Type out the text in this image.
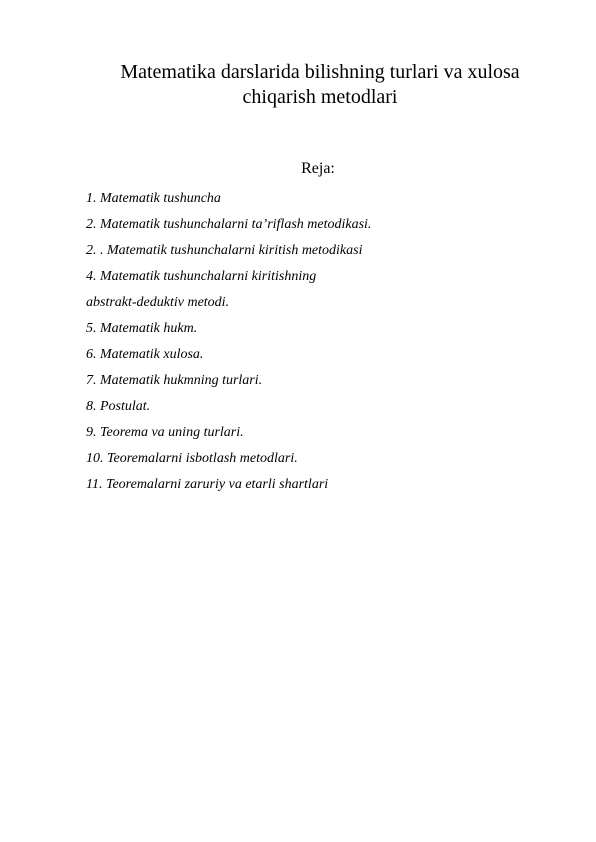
Matematika darslarida bilishning turlari va xulosa
chiqarish metodlari

Reja:

1. Matematik tushuncha
2. Matematik tushunchalarni ta’riflash metodikasi.
2. . Matematik tushunchalarni kiritish metodikasi
4. Matematik tushunchalarni kiritishning
abstrakt-deduktiv metodi.
5. Matematik hukm.
6. Matematik xulosa.
7. Matematik hukmning turlari.
8. Postulat.
9. Teorema va uning turlari.
10. Teoremalarni isbotlash metodlari.
11. Teoremalarni zaruriy va etarli shartlari
